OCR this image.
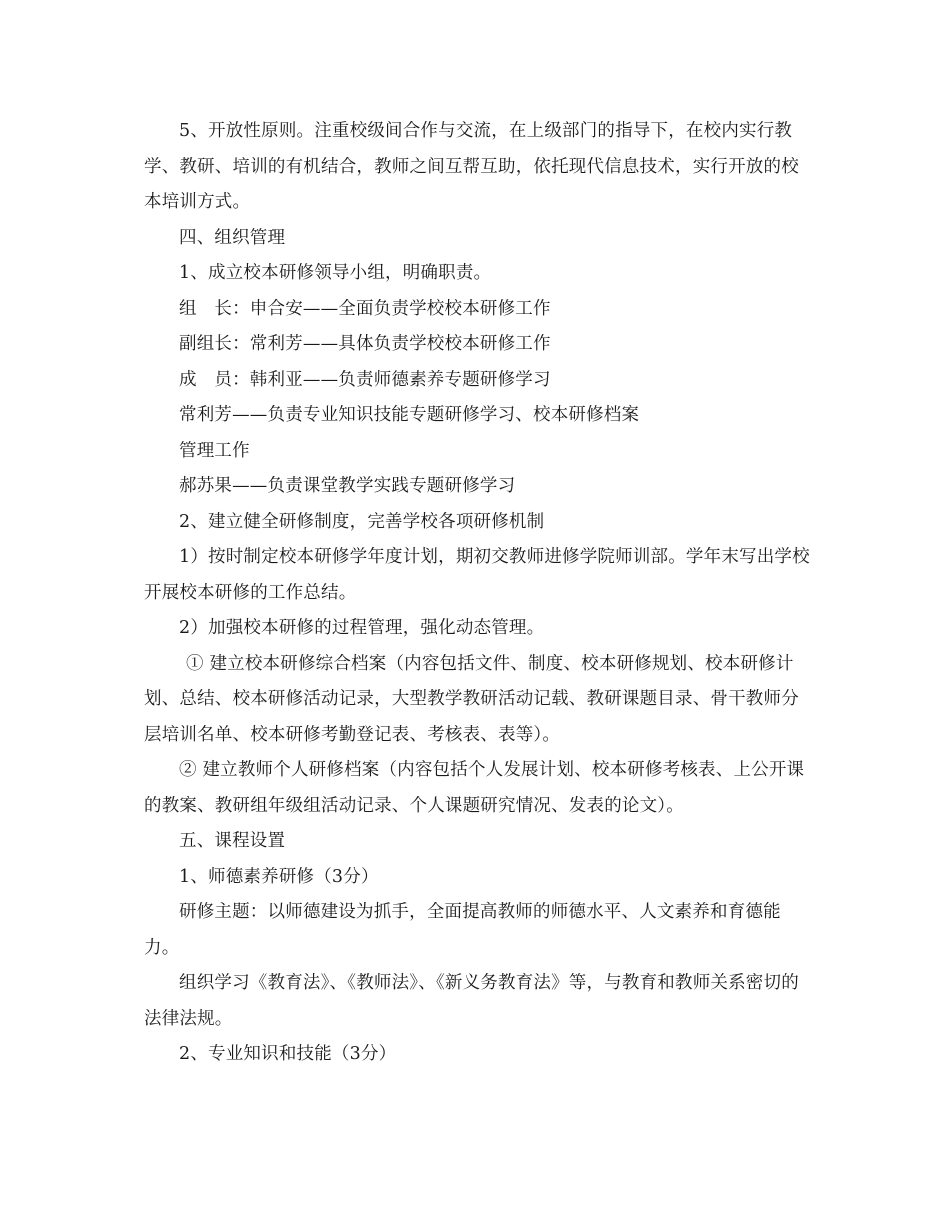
5、开放性原则。注重校级间合作与交流，在上级部门的指导下，在校内实行教学、教研、培训的有机结合，教师之间互帮互助，依托现代信息技术，实行开放的校本培训方式。

四、组织管理

1、成立校本研修领导小组，明确职责。

组　长：申合安——全面负责学校校本研修工作

副组长：常利芳——具体负责学校校本研修工作

成　员：韩利亚——负责师德素养专题研修学习

常利芳——负责专业知识技能专题研修学习、校本研修档案

管理工作

郝苏果——负责课堂教学实践专题研修学习

2、建立健全研修制度，完善学校各项研修机制

1）按时制定校本研修学年度计划，期初交教师进修学院师训部。学年末写出学校开展校本研修的工作总结。

2）加强校本研修的过程管理，强化动态管理。

① 建立校本研修综合档案（内容包括文件、制度、校本研修规划、校本研修计划、总结、校本研修活动记录，大型教学教研活动记载、教研课题目录、骨干教师分层培训名单、校本研修考勤登记表、考核表、表等）。

② 建立教师个人研修档案（内容包括个人发展计划、校本研修考核表、上公开课的教案、教研组年级组活动记录、个人课题研究情况、发表的论文）。

五、课程设置

1、师德素养研修（3分）

研修主题：以师德建设为抓手，全面提高教师的师德水平、人文素养和育德能力。

组织学习《教育法》、《教师法》、《新义务教育法》等，与教育和教师关系密切的法律法规。

2、专业知识和技能（3分）
